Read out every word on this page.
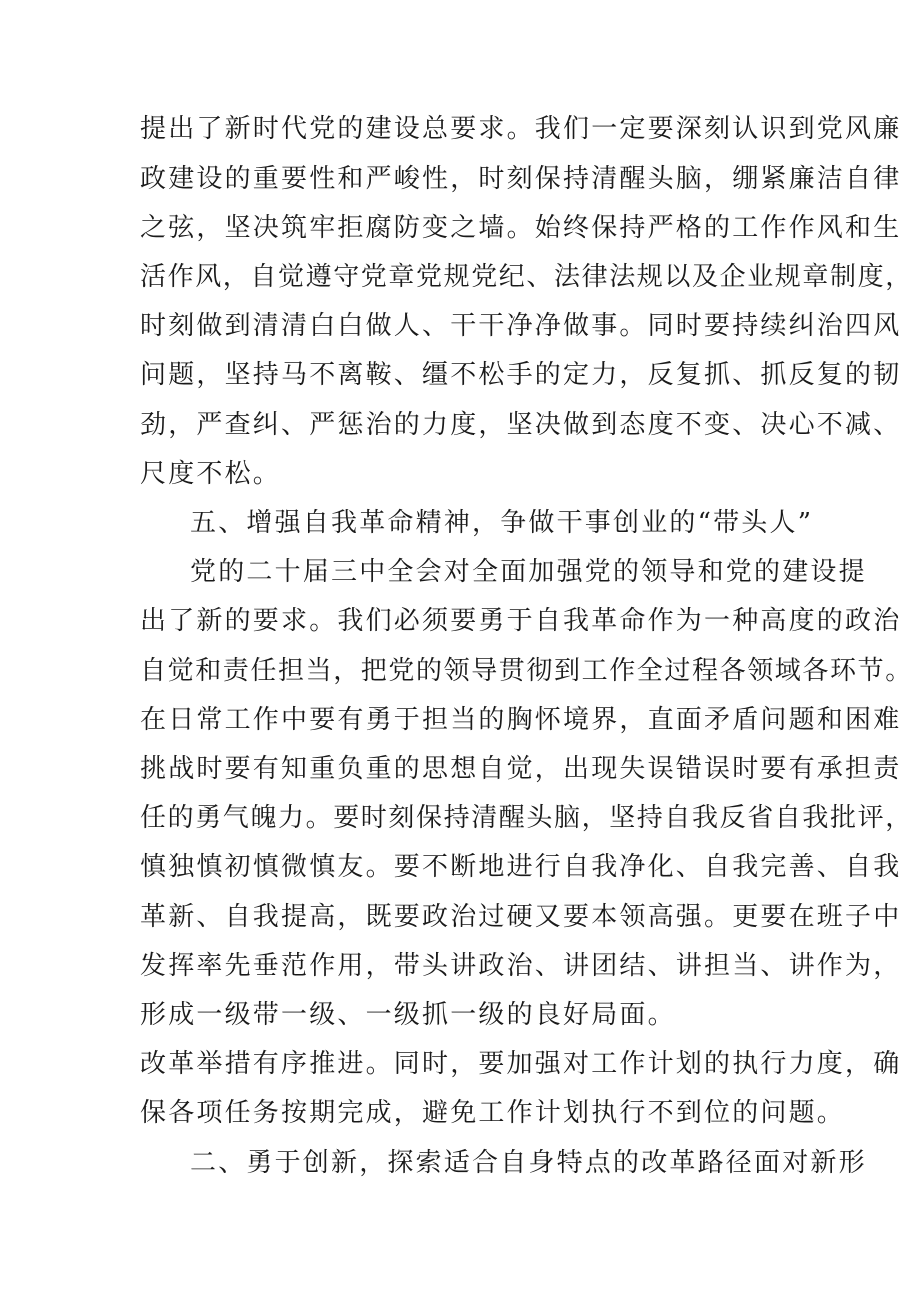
提出了新时代党的建设总要求。我们一定要深刻认识到党风廉
政建设的重要性和严峻性，时刻保持清醒头脑，绷紧廉洁自律
之弦，坚决筑牢拒腐防变之墙。始终保持严格的工作作风和生
活作风，自觉遵守党章党规党纪、法律法规以及企业规章制度，
时刻做到清清白白做人、干干净净做事。同时要持续纠治四风
问题，坚持马不离鞍、缰不松手的定力，反复抓、抓反复的韧
劲，严查纠、严惩治的力度，坚决做到态度不变、决心不减、
尺度不松。
五、增强自我革命精神，争做干事创业的“带头人”
党的二十届三中全会对全面加强党的领导和党的建设提
出了新的要求。我们必须要勇于自我革命作为一种高度的政治
自觉和责任担当，把党的领导贯彻到工作全过程各领域各环节。
在日常工作中要有勇于担当的胸怀境界，直面矛盾问题和困难
挑战时要有知重负重的思想自觉，出现失误错误时要有承担责
任的勇气魄力。要时刻保持清醒头脑，坚持自我反省自我批评，
慎独慎初慎微慎友。要不断地进行自我净化、自我完善、自我
革新、自我提高，既要政治过硬又要本领高强。更要在班子中
发挥率先垂范作用，带头讲政治、讲团结、讲担当、讲作为，
形成一级带一级、一级抓一级的良好局面。
改革举措有序推进。同时，要加强对工作计划的执行力度，确
保各项任务按期完成，避免工作计划执行不到位的问题。
二、勇于创新，探索适合自身特点的改革路径面对新形
